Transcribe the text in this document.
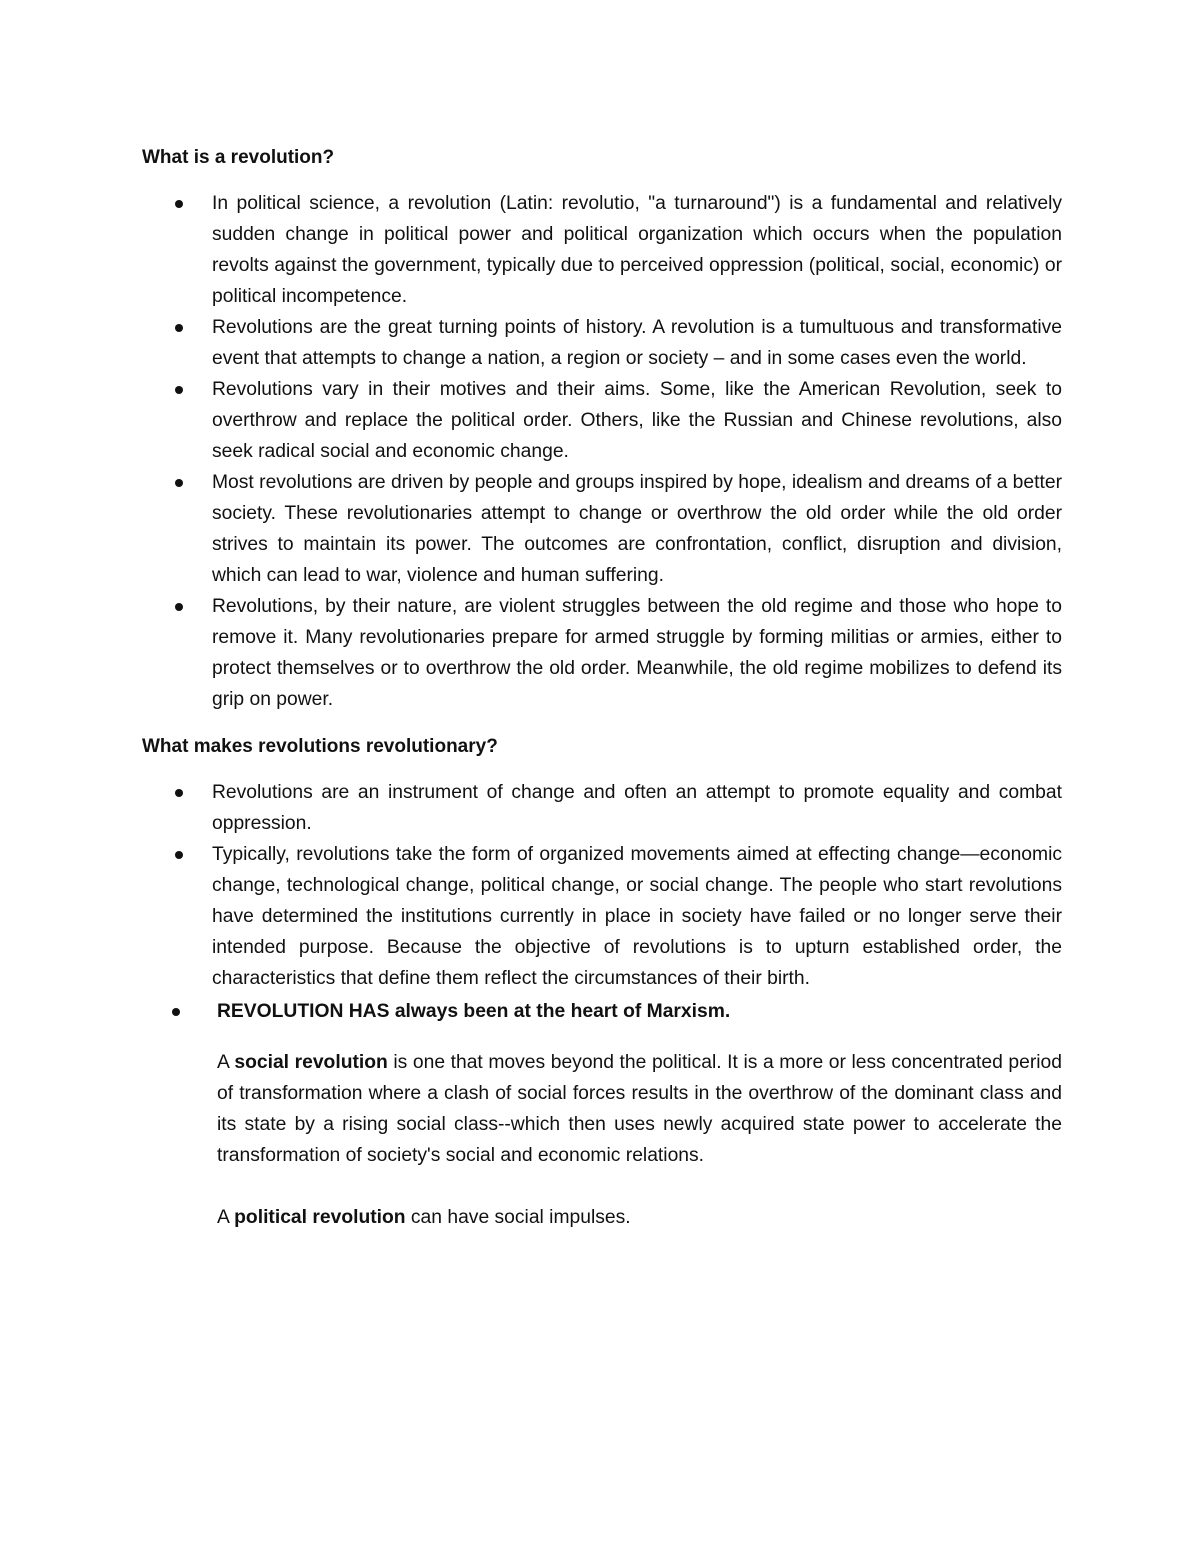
What is a revolution?
In political science, a revolution (Latin: revolutio, "a turnaround") is a fundamental and relatively sudden change in political power and political organization which occurs when the population revolts against the government, typically due to perceived oppression (political, social, economic) or political incompetence.
Revolutions are the great turning points of history. A revolution is a tumultuous and transformative event that attempts to change a nation, a region or society – and in some cases even the world.
Revolutions vary in their motives and their aims. Some, like the American Revolution, seek to overthrow and replace the political order. Others, like the Russian and Chinese revolutions, also seek radical social and economic change.
Most revolutions are driven by people and groups inspired by hope, idealism and dreams of a better society. These revolutionaries attempt to change or overthrow the old order while the old order strives to maintain its power. The outcomes are confrontation, conflict, disruption and division, which can lead to war, violence and human suffering.
Revolutions, by their nature, are violent struggles between the old regime and those who hope to remove it. Many revolutionaries prepare for armed struggle by forming militias or armies, either to protect themselves or to overthrow the old order. Meanwhile, the old regime mobilizes to defend its grip on power.
What makes revolutions revolutionary?
Revolutions are an instrument of change and often an attempt to promote equality and combat oppression.
Typically, revolutions take the form of organized movements aimed at effecting change—economic change, technological change, political change, or social change. The people who start revolutions have determined the institutions currently in place in society have failed or no longer serve their intended purpose. Because the objective of revolutions is to upturn established order, the characteristics that define them reflect the circumstances of their birth.
REVOLUTION HAS always been at the heart of Marxism.

A social revolution is one that moves beyond the political. It is a more or less concentrated period of transformation where a clash of social forces results in the overthrow of the dominant class and its state by a rising social class--which then uses newly acquired state power to accelerate the transformation of society's social and economic relations.

A political revolution can have social impulses.
